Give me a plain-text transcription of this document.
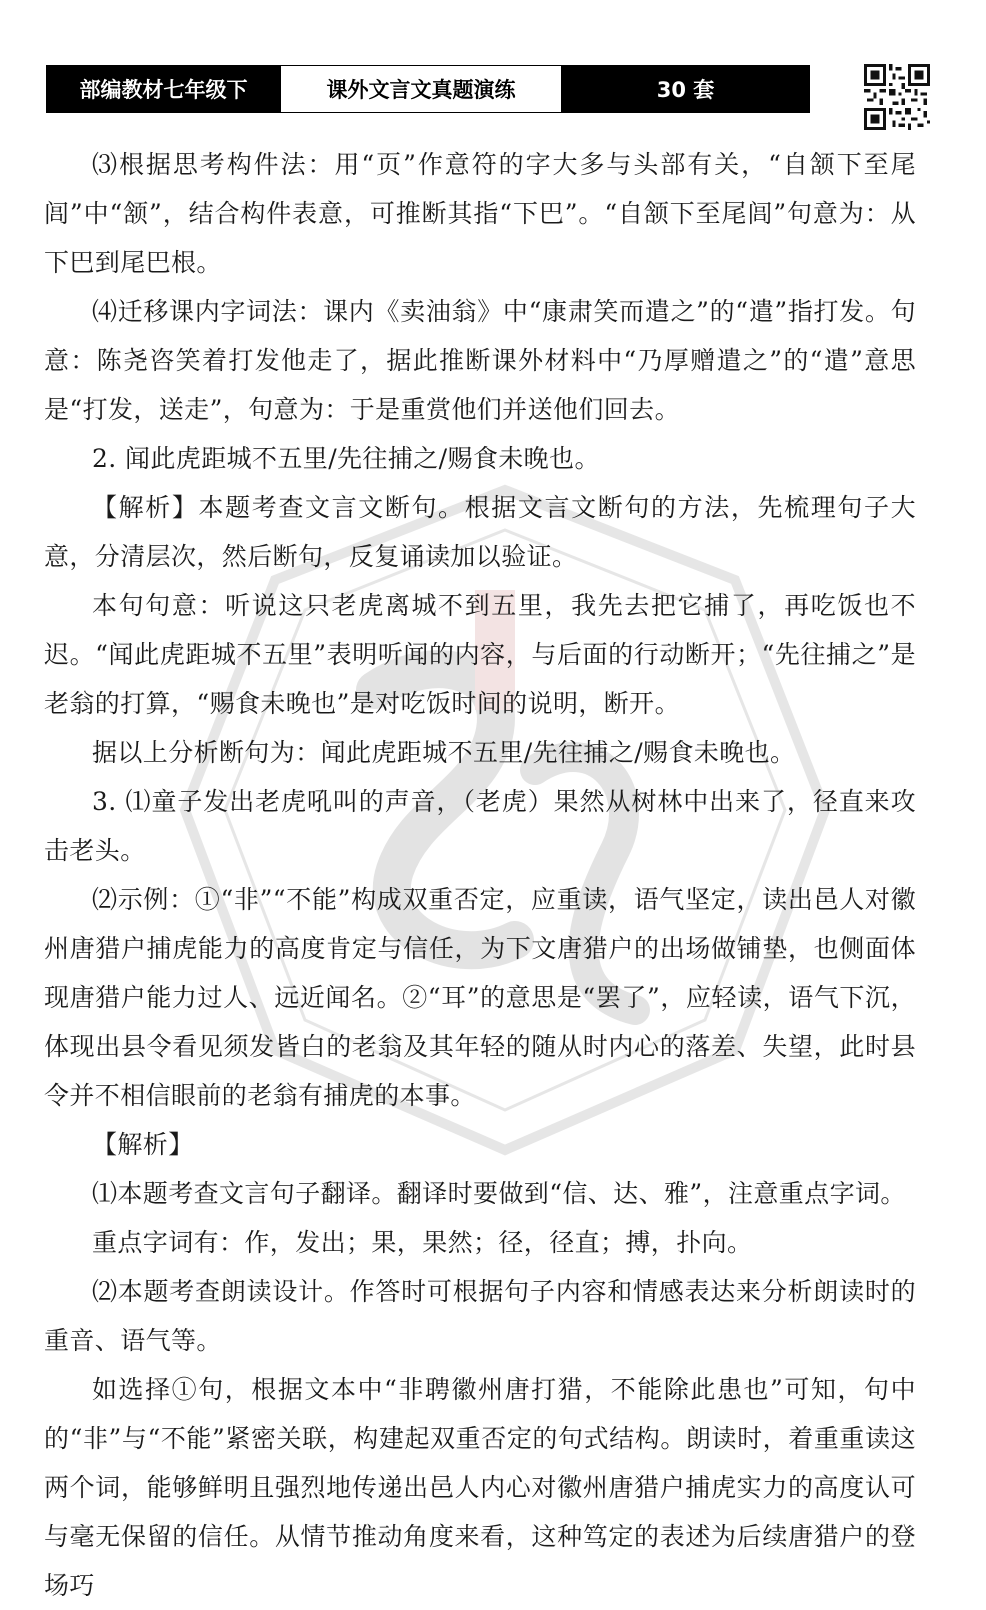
部编教材七年级下	课外文言文真题演练	30 套

⑶根据思考构件法：用“页”作意符的字大多与头部有关，“自颔下至尾闾”中“颔”，结合构件表意，可推断其指“下巴”。“自颔下至尾闾”句意为：从下巴到尾巴根。

⑷迁移课内字词法：课内《卖油翁》中“康肃笑而遣之”的“遣”指打发。句意：陈尧咨笑着打发他走了，据此推断课外材料中“乃厚赠遣之”的“遣”意思是“打发，送走”，句意为：于是重赏他们并送他们回去。

2. 闻此虎距城不五里/先往捕之/赐食未晚也。

【解析】本题考查文言文断句。根据文言文断句的方法，先梳理句子大意，分清层次，然后断句，反复诵读加以验证。

本句句意：听说这只老虎离城不到五里，我先去把它捕了，再吃饭也不迟。“闻此虎距城不五里”表明听闻的内容，与后面的行动断开；“先往捕之”是老翁的打算，“赐食未晚也”是对吃饭时间的说明，断开。

据以上分析断句为：闻此虎距城不五里/先往捕之/赐食未晚也。

3. ⑴童子发出老虎吼叫的声音，（老虎）果然从树林中出来了，径直来攻击老头。

⑵示例：①“非”“不能”构成双重否定，应重读，语气坚定，读出邑人对徽州唐猎户捕虎能力的高度肯定与信任，为下文唐猎户的出场做铺垫，也侧面体现唐猎户能力过人、远近闻名。②“耳”的意思是“罢了”，应轻读，语气下沉，体现出县令看见须发皆白的老翁及其年轻的随从时内心的落差、失望，此时县令并不相信眼前的老翁有捕虎的本事。

【解析】

⑴本题考查文言句子翻译。翻译时要做到“信、达、雅”，注意重点字词。

重点字词有：作，发出；果，果然；径，径直；搏，扑向。

⑵本题考查朗读设计。作答时可根据句子内容和情感表达来分析朗读时的重音、语气等。

如选择①句，根据文本中“非聘徽州唐打猎，不能除此患也”可知，句中的“非”与“不能”紧密关联，构建起双重否定的句式结构。朗读时，着重重读这两个词，能够鲜明且强烈地传递出邑人内心对徽州唐猎户捕虎实力的高度认可与毫无保留的信任。从情节推动角度来看，这种笃定的表述为后续唐猎户的登场巧
